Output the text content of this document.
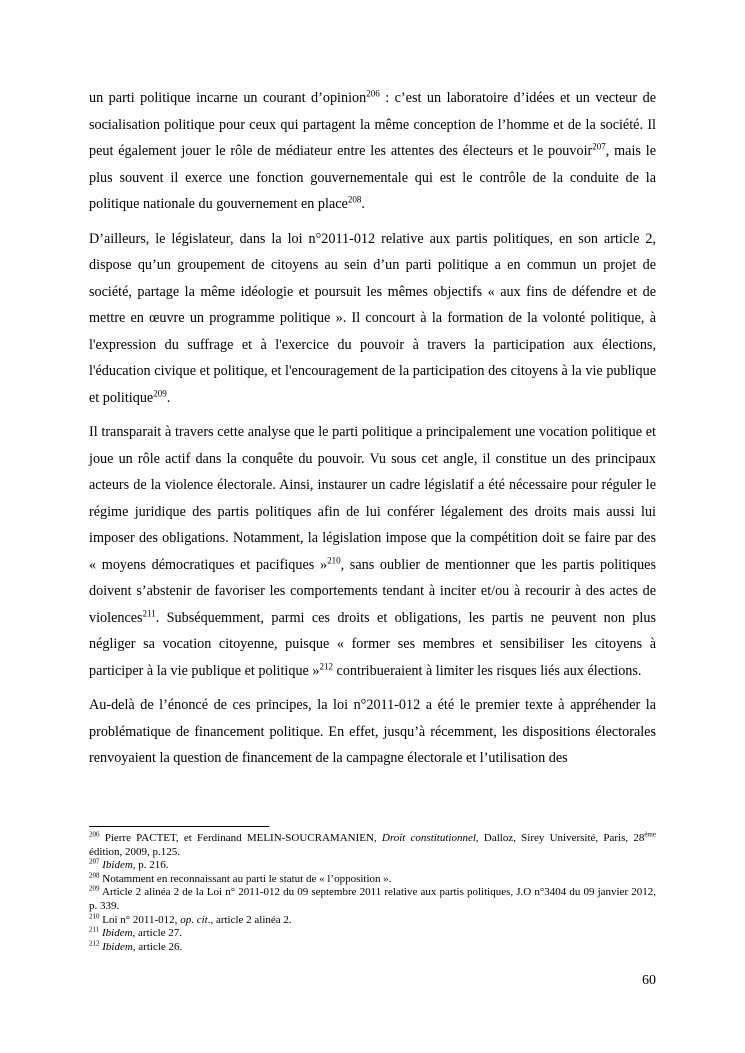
un parti politique incarne un courant d’opinion$^{206}$ : c’est un laboratoire d’idées et un vecteur de socialisation politique pour ceux qui partagent la même conception de l’homme et de la société. Il peut également jouer le rôle de médiateur entre les attentes des électeurs et le pouvoir$^{207}$, mais le plus souvent il exerce une fonction gouvernementale qui est le contrôle de la conduite de la politique nationale du gouvernement en place$^{208}$.

D’ailleurs, le législateur, dans la loi n°2011-012 relative aux partis politiques, en son article 2, dispose qu’un groupement de citoyens au sein d’un parti politique a en commun un projet de société, partage la même idéologie et poursuit les mêmes objectifs « aux fins de défendre et de mettre en œuvre un programme politique ». Il concourt à la formation de la volonté politique, à l'expression du suffrage et à l'exercice du pouvoir à travers la participation aux élections, l'éducation civique et politique, et l'encouragement de la participation des citoyens à la vie publique et politique$^{209}$.

Il transparait à travers cette analyse que le parti politique a principalement une vocation politique et joue un rôle actif dans la conquête du pouvoir. Vu sous cet angle, il constitue un des principaux acteurs de la violence électorale. Ainsi, instaurer un cadre législatif a été nécessaire pour réguler le régime juridique des partis politiques afin de lui conférer légalement des droits mais aussi lui imposer des obligations. Notamment, la législation impose que la compétition doit se faire par des « moyens démocratiques et pacifiques »$^{210}$, sans oublier de mentionner que les partis politiques doivent s’abstenir de favoriser les comportements tendant à inciter et/ou à recourir à des actes de violences$^{211}$. Subséquemment, parmi ces droits et obligations, les partis ne peuvent non plus négliger sa vocation citoyenne, puisque « former ses membres et sensibiliser les citoyens à participer à la vie publique et politique »$^{212}$ contribueraient à limiter les risques liés aux élections.

Au-delà de l’énoncé de ces principes, la loi n°2011-012 a été le premier texte à appréhender la problématique de financement politique. En effet, jusqu’à récemment, les dispositions électorales renvoyaient la question de financement de la campagne électorale et l’utilisation des

$^{206}$ Pierre PACTET, et Ferdinand MELIN-SOUCRAMANIEN, Droit constitutionnel, Dalloz, Sirey Université, Paris, 28ème édition, 2009, p.125.

$^{207}$ Ibidem, p. 216.

$^{208}$ Notamment en reconnaissant au parti le statut de « l’opposition ».

$^{209}$ Article 2 alinéa 2 de la Loi n° 2011-012 du 09 septembre 2011 relative aux partis politiques, J.O n°3404 du 09 janvier 2012, p. 339.

$^{210}$ Loi n° 2011-012, op. cit., article 2 alinéa 2.

$^{211}$ Ibidem, article 27.

$^{212}$ Ibidem, article 26.

60
